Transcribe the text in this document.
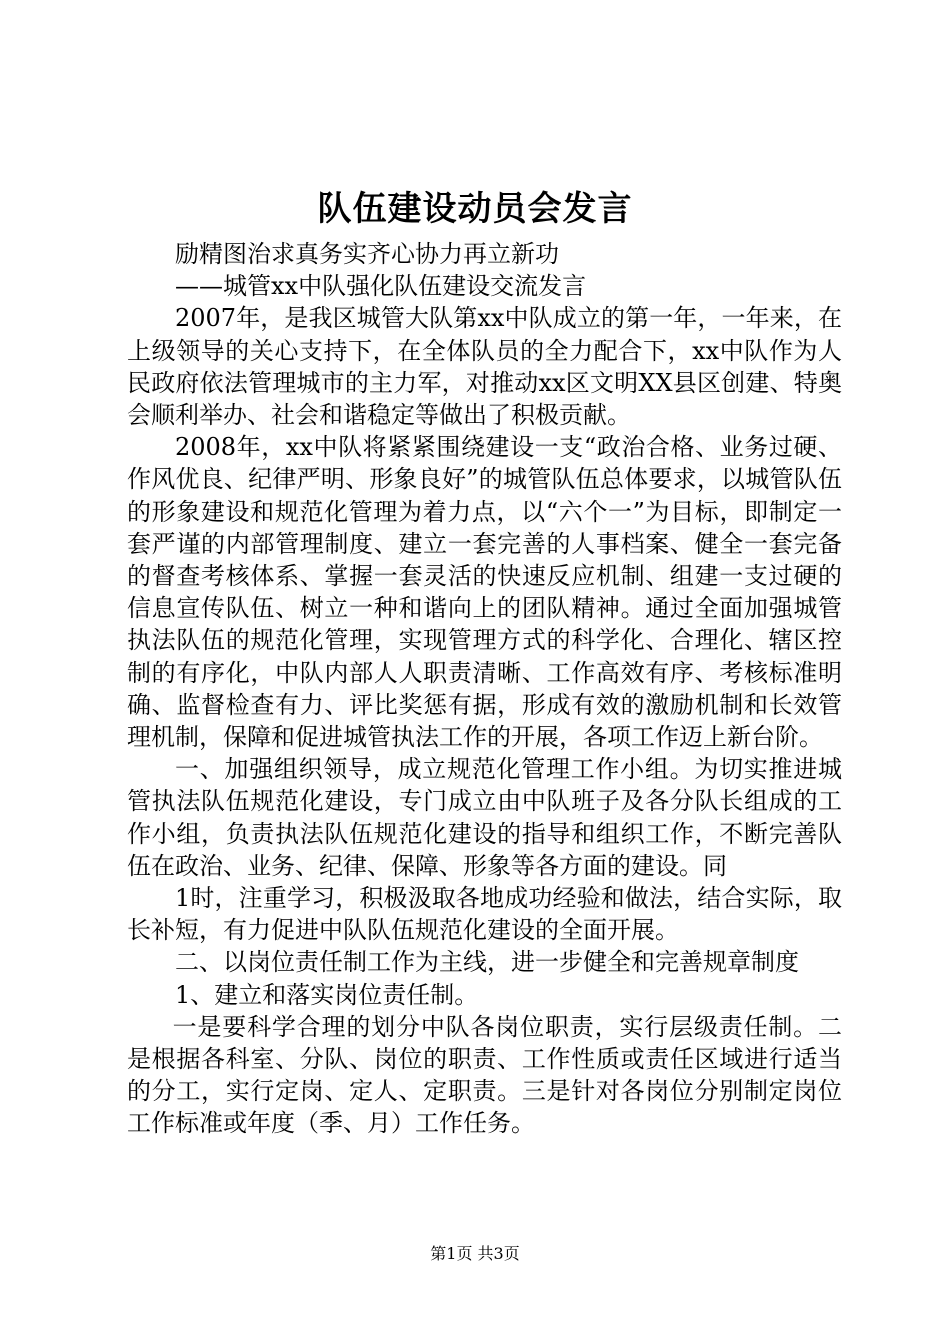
队伍建设动员会发言

励精图治求真务实齐心协力再立新功

——城管xx中队强化队伍建设交流发言

2007年，是我区城管大队第xx中队成立的第一年，一年来，在上级领导的关心支持下，在全体队员的全力配合下，xx中队作为人民政府依法管理城市的主力军，对推动xx区文明XX县区创建、特奥会顺利举办、社会和谐稳定等做出了积极贡献。

2008年，xx中队将紧紧围绕建设一支“政治合格、业务过硬、作风优良、纪律严明、形象良好”的城管队伍总体要求，以城管队伍的形象建设和规范化管理为着力点，以“六个一”为目标，即制定一套严谨的内部管理制度、建立一套完善的人事档案、健全一套完备的督查考核体系、掌握一套灵活的快速反应机制、组建一支过硬的信息宣传队伍、树立一种和谐向上的团队精神。通过全面加强城管执法队伍的规范化管理，实现管理方式的科学化、合理化、辖区控制的有序化，中队内部人人职责清晰、工作高效有序、考核标准明确、监督检查有力、评比奖惩有据，形成有效的激励机制和长效管理机制，保障和促进城管执法工作的开展，各项工作迈上新台阶。

一、加强组织领导，成立规范化管理工作小组。为切实推进城管执法队伍规范化建设，专门成立由中队班子及各分队长组成的工作小组，负责执法队伍规范化建设的指导和组织工作，不断完善队伍在政治、业务、纪律、保障、形象等各方面的建设。同

1时，注重学习，积极汲取各地成功经验和做法，结合实际，取长补短，有力促进中队队伍规范化建设的全面开展。

二、以岗位责任制工作为主线，进一步健全和完善规章制度

1、建立和落实岗位责任制。

一是要科学合理的划分中队各岗位职责，实行层级责任制。二是根据各科室、分队、岗位的职责、工作性质或责任区域进行适当的分工，实行定岗、定人、定职责。三是针对各岗位分别制定岗位工作标准或年度（季、月）工作任务。

第1页 共3页
